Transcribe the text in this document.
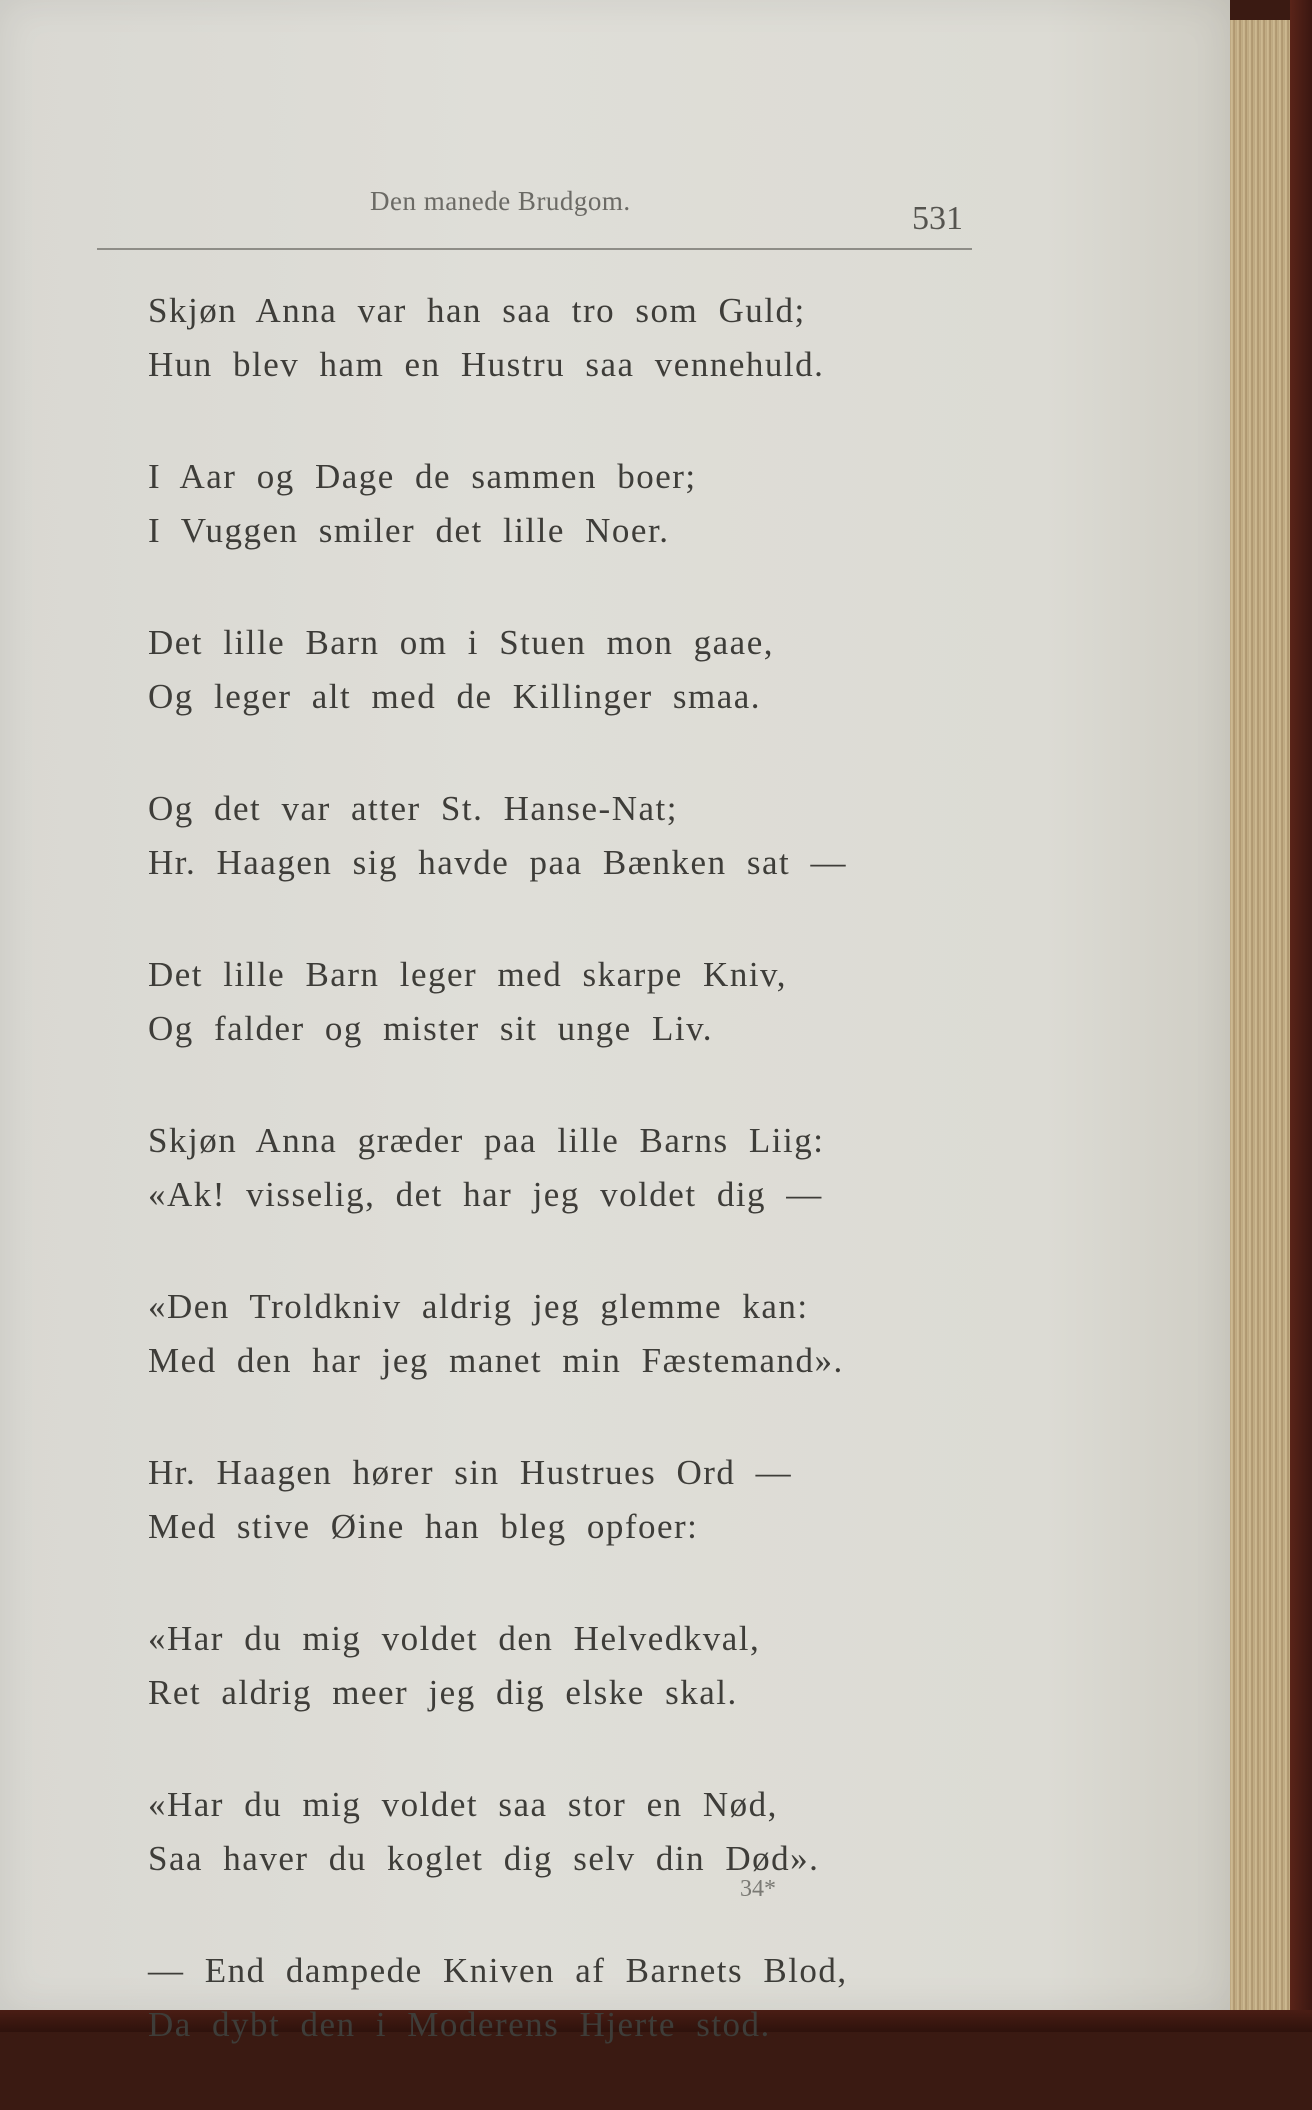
Den manede Brudgom.	531
Skjøn Anna var han saa tro som Guld;
Hun blev ham en Hustru saa vennehuld.
I Aar og Dage de sammen boer;
I Vuggen smiler det lille Noer.
Det lille Barn om i Stuen mon gaae,
Og leger alt med de Killinger smaa.
Og det var atter St. Hanse-Nat;
Hr. Haagen sig havde paa Bænken sat —
Det lille Barn leger med skarpe Kniv,
Og falder og mister sit unge Liv.
Skjøn Anna græder paa lille Barns Liig:
«Ak! visselig, det har jeg voldet dig —
«Den Troldkniv aldrig jeg glemme kan:
Med den har jeg manet min Fæstemand».
Hr. Haagen hører sin Hustrues Ord —
Med stive Øine han bleg opfoer:
«Har du mig voldet den Helvedkval,
Ret aldrig meer jeg dig elske skal.
«Har du mig voldet saa stor en Nød,
Saa haver du koglet dig selv din Død».
— End dampede Kniven af Barnets Blod,
Da dybt den i Moderens Hjerte stod.
34*
